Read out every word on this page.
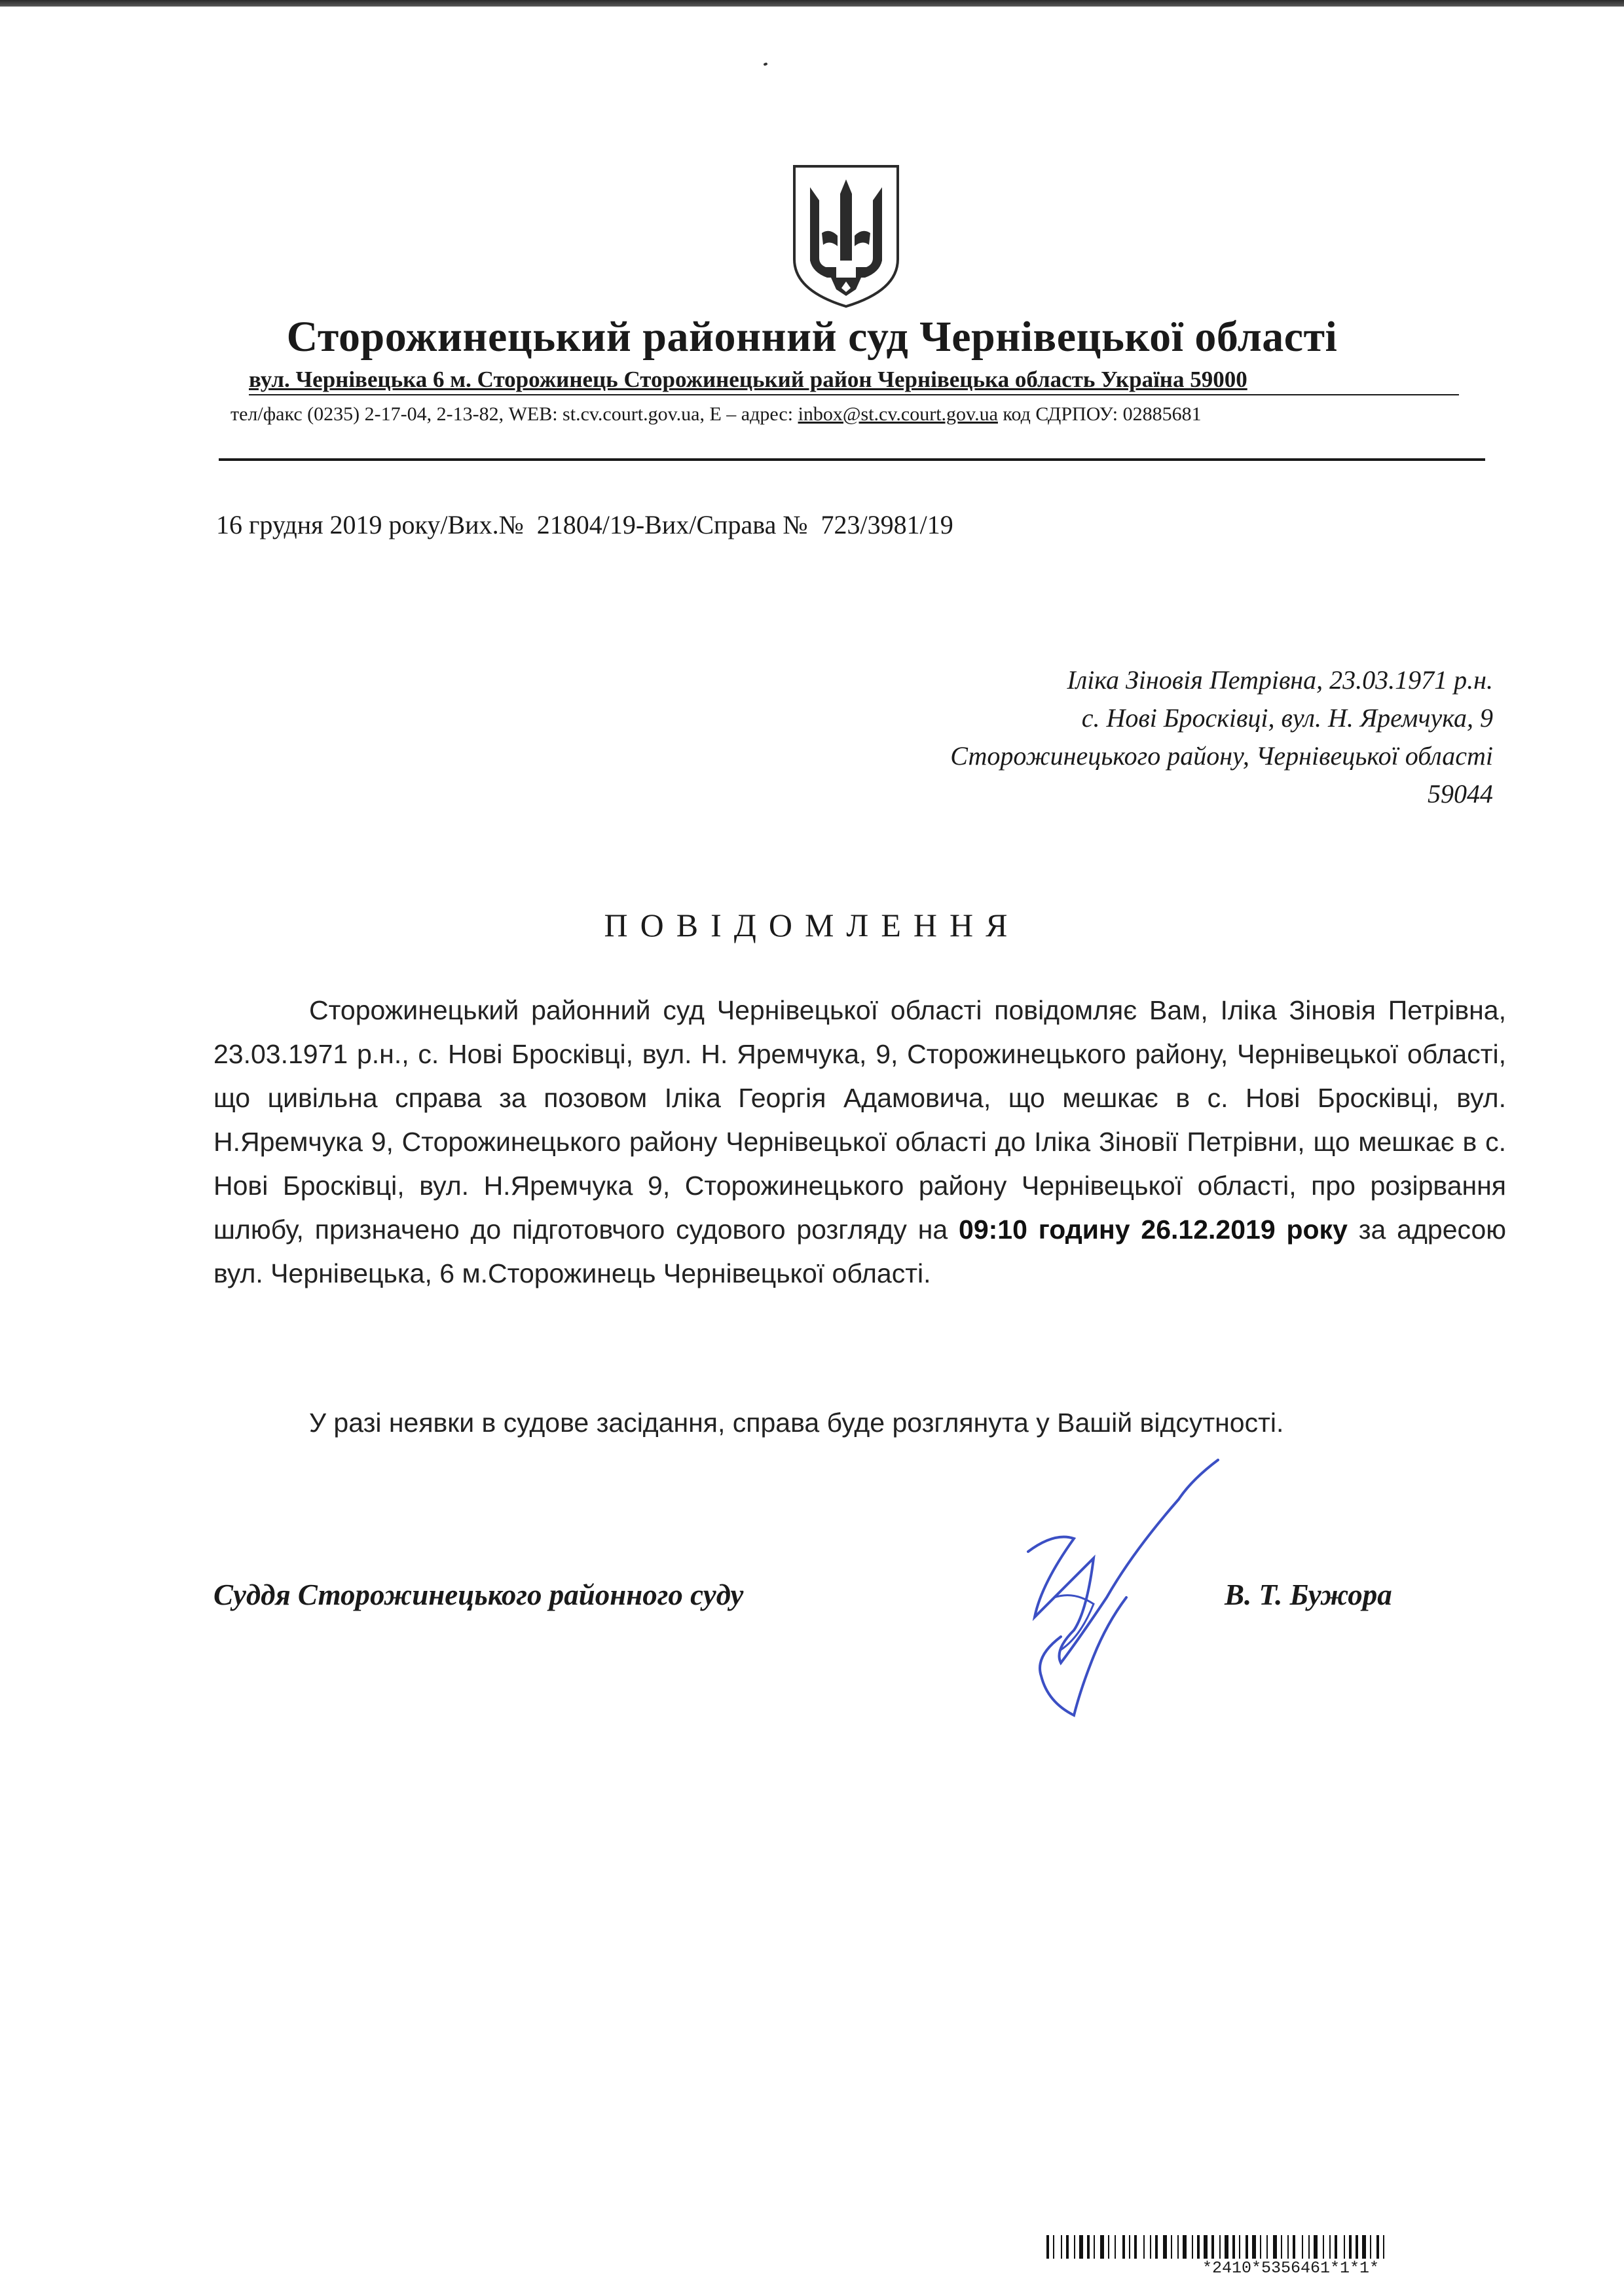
Сторожинецький районний суд Чернівецької області
вул. Чернівецька 6 м. Сторожинець Сторожинецький район Чернівецька область Україна 59000
тел/факс (0235) 2-17-04, 2-13-82, WEB: st.cv.court.gov.ua, Е – адрес: inbox@st.cv.court.gov.ua код СДРПОУ: 02885681
16 грудня 2019 року/Вих.№  21804/19-Вих/Справа №  723/3981/19
Іліка Зіновія Петрівна, 23.03.1971 р.н.
с. Нові Бросківці, вул. Н. Яремчука, 9
Сторожинецького району, Чернівецької області
59044
ПОВІДОМЛЕННЯ

Сторожинецький районний суд Чернівецької області повідомляє Вам, Іліка Зіновія Петрівна, 23.03.1971 р.н., с. Нові Бросківці, вул. Н. Яремчука, 9, Сторожинецького району, Чернівецької області, що цивільна справа за позовом Іліка Георгія Адамовича, що мешкає в с. Нові Бросківці, вул. Н.Яремчука 9, Сторожинецького району Чернівецької області до Іліка Зіновії Петрівни, що мешкає в с. Нові Бросківці, вул. Н.Яремчука 9, Сторожинецького району Чернівецької області, про розірвання шлюбу, призначено до підготовчого судового розгляду на 09:10 годину 26.12.2019 року за адресою вул. Чернівецька, 6 м.Сторожинець Чернівецької області.

У разі неявки в судове засідання, справа буде розглянута у Вашій відсутності.

Суддя Сторожинецького районного суду	В. Т. Бужора
*2410*5356461*1*1*
